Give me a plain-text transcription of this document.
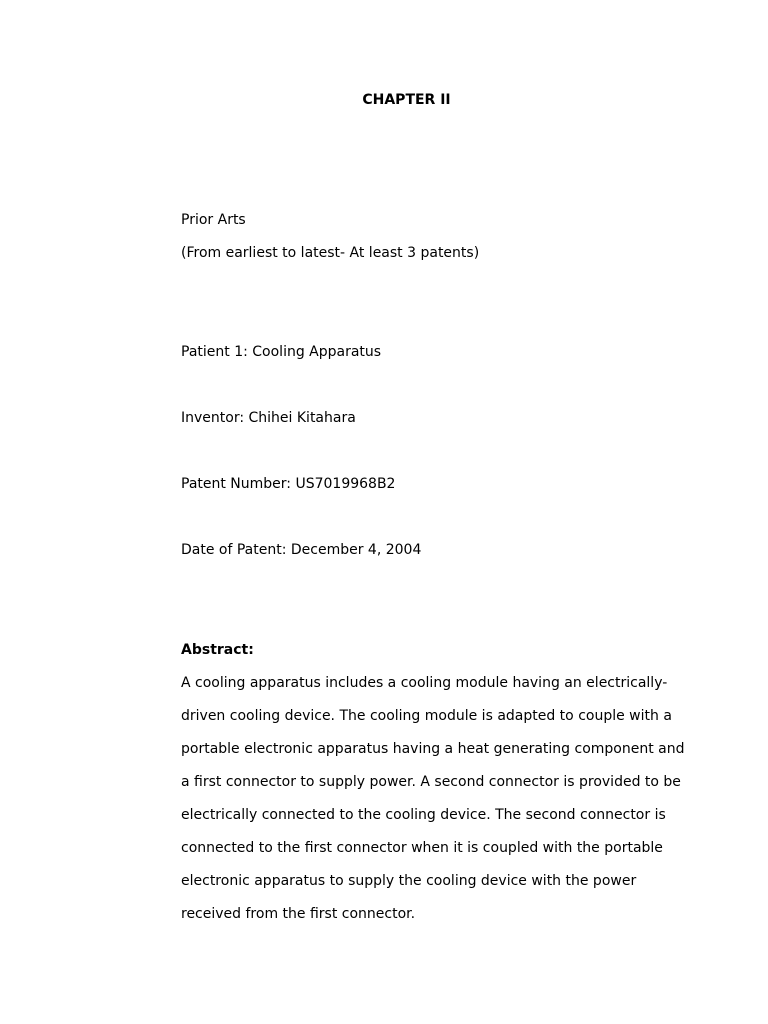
CHAPTER II
Prior Arts
(From earliest to latest- At least 3 patents)
Patient 1: Cooling Apparatus
Inventor: Chihei Kitahara
Patent Number: US7019968B2
Date of Patent: December 4, 2004
Abstract:
A cooling apparatus includes a cooling module having an electrically-
driven cooling device. The cooling module is adapted to couple with a
portable electronic apparatus having a heat generating component and
a first connector to supply power. A second connector is provided to be
electrically connected to the cooling device. The second connector is
connected to the first connector when it is coupled with the portable
electronic apparatus to supply the cooling device with the power
received from the first connector.
